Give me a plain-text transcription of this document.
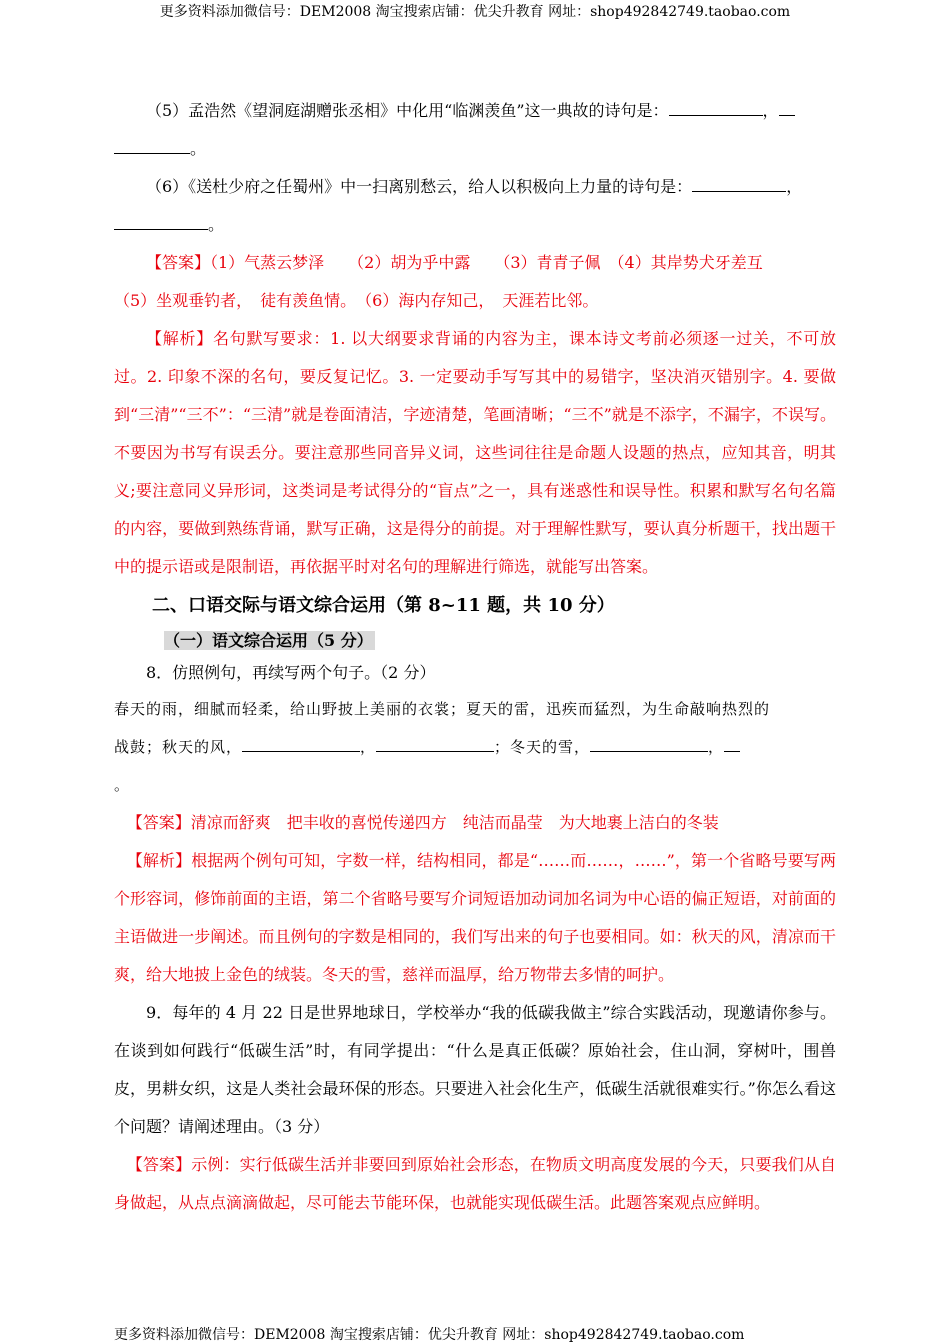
更多资料添加微信号：DEM2008 淘宝搜索店铺：优尖升教育 网址：shop492842749.taobao.com

（5）孟浩然《望洞庭湖赠张丞相》中化用“临渊羡鱼”这一典故的诗句是：	，
。

（6）《送杜少府之任蜀州》中一扫离别愁云，给人以积极向上力量的诗句是：	，
。

【答案】（1）气蒸云梦泽　　（2）胡为乎中露　　（3）青青子佩　（4）其岸势犬牙差互

（5）坐观垂钓者，　徒有羡鱼情。　（6）海内存知己，　天涯若比邻。

【解析】名句默写要求：1. 以大纲要求背诵的内容为主，课本诗文考前必须逐一过关，不可放过。2. 印象不深的名句，要反复记忆。3. 一定要动手写写其中的易错字，坚决消灭错别字。4. 要做到“三清”“三不”：“三清”就是卷面清洁，字迹清楚，笔画清晰；“三不”就是不添字，不漏字，不误写。不要因为书写有误丢分。要注意那些同音异义词，这些词往往是命题人设题的热点，应知其音，明其义;要注意同义异形词，这类词是考试得分的“盲点”之一，具有迷惑性和误导性。积累和默写名句名篇的内容，要做到熟练背诵，默写正确，这是得分的前提。对于理解性默写，要认真分析题干，找出题干中的提示语或是限制语，再依据平时对名句的理解进行筛选，就能写出答案。

二、口语交际与语文综合运用（第 8~11 题，共 10 分）

（一）语文综合运用（5 分）

8．仿照例句，再续写两个句子。（2 分）

春天的雨，细腻而轻柔，给山野披上美丽的衣裳；夏天的雷，迅疾而猛烈，为生命敲响热烈的
战鼓；秋天的风，	，	；冬天的雪，	，
。

【答案】清凉而舒爽　把丰收的喜悦传递四方　纯洁而晶莹　为大地裹上洁白的冬装

【解析】根据两个例句可知，字数一样，结构相同，都是“……而……，……”，第一个省略号要写两个形容词，修饰前面的主语，第二个省略号要写介词短语加动词加名词为中心语的偏正短语，对前面的主语做进一步阐述。而且例句的字数是相同的，我们写出来的句子也要相同。如：秋天的风，清凉而干爽，给大地披上金色的绒装。冬天的雪，慈祥而温厚，给万物带去多情的呵护。

9．每年的 4 月 22 日是世界地球日，学校举办“我的低碳我做主”综合实践活动，现邀请你参与。在谈到如何践行“低碳生活”时，有同学提出：“什么是真正低碳？原始社会，住山洞，穿树叶，围兽皮，男耕女织，这是人类社会最环保的形态。只要进入社会化生产，低碳生活就很难实行。”你怎么看这个问题？请阐述理由。（3 分）

【答案】示例：实行低碳生活并非要回到原始社会形态，在物质文明高度发展的今天，只要我们从自身做起，从点点滴滴做起，尽可能去节能环保，也就能实现低碳生活。此题答案观点应鲜明。

更多资料添加微信号：DEM2008 淘宝搜索店铺：优尖升教育 网址：shop492842749.taobao.com
